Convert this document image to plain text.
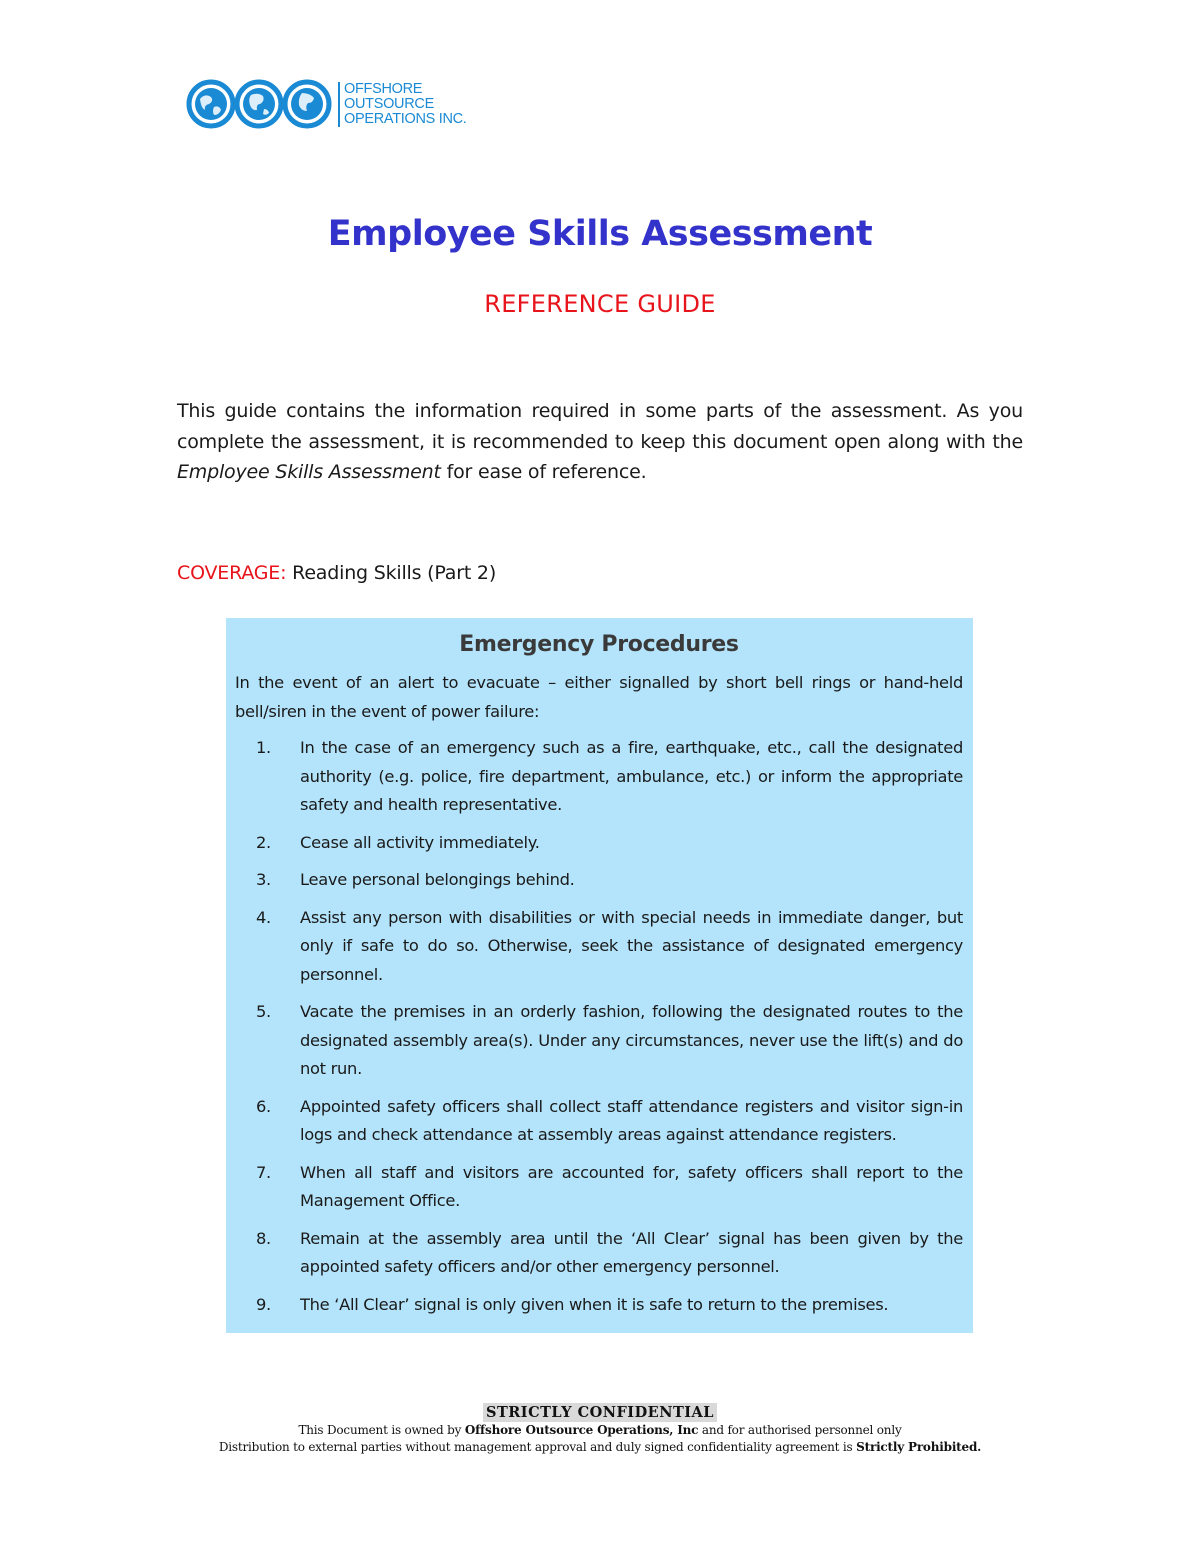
OFFSHORE
OUTSOURCE
OPERATIONS INC.
Employee Skills Assessment
REFERENCE GUIDE
This guide contains the information required in some parts of the assessment. As you complete the assessment, it is recommended to keep this document open along with the Employee Skills Assessment for ease of reference.
COVERAGE: Reading Skills (Part 2)
Emergency Procedures
In the event of an alert to evacuate – either signalled by short bell rings or hand-held bell/siren in the event of power failure:
1.	In the case of an emergency such as a fire, earthquake, etc., call the designated authority (e.g. police, fire department, ambulance, etc.) or inform the appropriate safety and health representative.
2.	Cease all activity immediately.
3.	Leave personal belongings behind.
4.	Assist any person with disabilities or with special needs in immediate danger, but only if safe to do so. Otherwise, seek the assistance of designated emergency personnel.
5.	Vacate the premises in an orderly fashion, following the designated routes to the designated assembly area(s). Under any circumstances, never use the lift(s) and do not run.
6.	Appointed safety officers shall collect staff attendance registers and visitor sign-in logs and check attendance at assembly areas against attendance registers.
7.	When all staff and visitors are accounted for, safety officers shall report to the Management Office.
8.	Remain at the assembly area until the ‘All Clear’ signal has been given by the appointed safety officers and/or other emergency personnel.
9.	The ‘All Clear’ signal is only given when it is safe to return to the premises.
STRICTLY CONFIDENTIAL
This Document is owned by Offshore Outsource Operations, Inc and for authorised personnel only
Distribution to external parties without management approval and duly signed confidentiality agreement is Strictly Prohibited.
